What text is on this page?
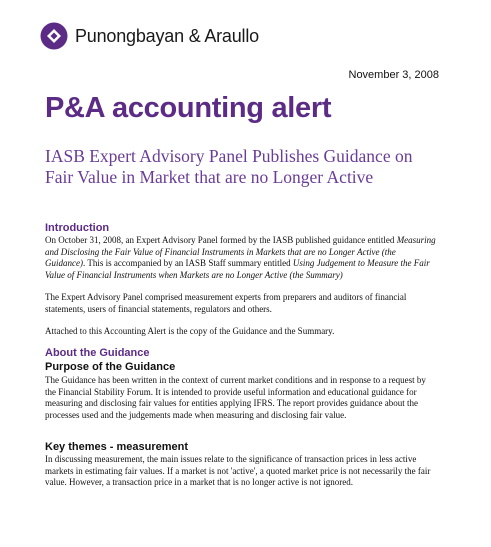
Punongbayan & Araullo
November 3, 2008
P&A accounting alert
IASB Expert Advisory Panel Publishes Guidance on Fair Value in Market that are no Longer Active
Introduction
On October 31, 2008, an Expert Advisory Panel formed by the IASB published guidance entitled Measuring and Disclosing the Fair Value of Financial Instruments in Markets that are no Longer Active (the Guidance). This is accompanied by an IASB Staff summary entitled Using Judgement to Measure the Fair Value of Financial Instruments when Markets are no Longer Active (the Summary)
The Expert Advisory Panel comprised measurement experts from preparers and auditors of financial statements, users of financial statements, regulators and others.
Attached to this Accounting Alert is the copy of the Guidance and the Summary.
About the Guidance
Purpose of the Guidance
The Guidance has been written in the context of current market conditions and in response to a request by the Financial Stability Forum. It is intended to provide useful information and educational guidance for measuring and disclosing fair values for entities applying IFRS. The report provides guidance about the processes used and the judgements made when measuring and disclosing fair value.
Key themes - measurement
In discussing measurement, the main issues relate to the significance of transaction prices in less active markets in estimating fair values. If a market is not 'active', a quoted market price is not necessarily the fair value. However, a transaction price in a market that is no longer active is not ignored.
